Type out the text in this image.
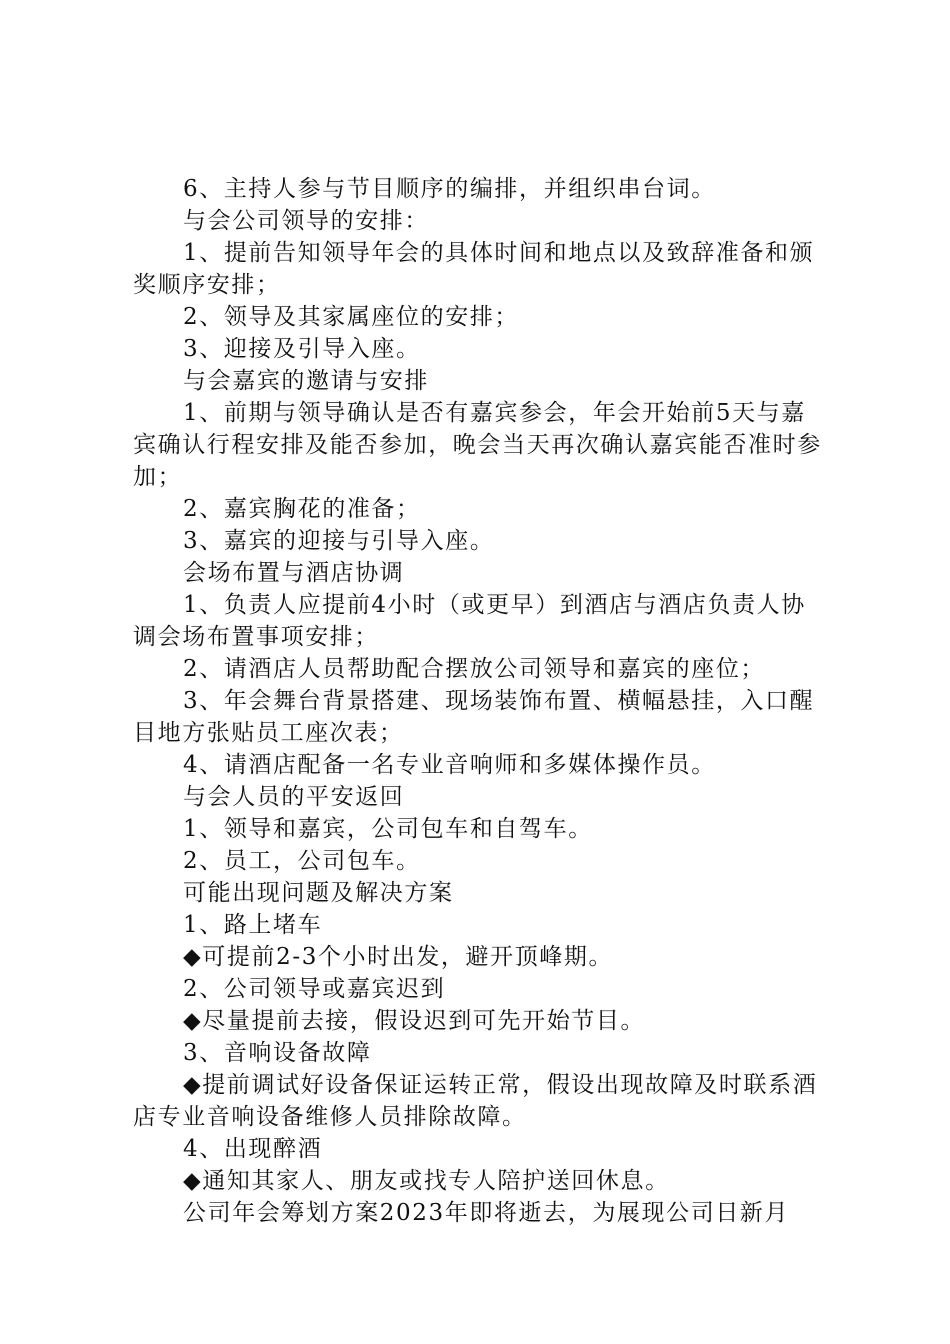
6、主持人参与节目顺序的编排，并组织串台词。

与会公司领导的安排：

1、提前告知领导年会的具体时间和地点以及致辞准备和颁奖顺序安排；

2、领导及其家属座位的安排；

3、迎接及引导入座。

与会嘉宾的邀请与安排

1、前期与领导确认是否有嘉宾参会，年会开始前5天与嘉宾确认行程安排及能否参加，晚会当天再次确认嘉宾能否准时参加；

2、嘉宾胸花的准备；

3、嘉宾的迎接与引导入座。

会场布置与酒店协调

1、负责人应提前4小时（或更早）到酒店与酒店负责人协调会场布置事项安排；

2、请酒店人员帮助配合摆放公司领导和嘉宾的座位；

3、年会舞台背景搭建、现场装饰布置、横幅悬挂，入口醒目地方张贴员工座次表；

4、请酒店配备一名专业音响师和多媒体操作员。

与会人员的平安返回

1、领导和嘉宾，公司包车和自驾车。

2、员工，公司包车。

可能出现问题及解决方案

1、路上堵车

◆可提前2-3个小时出发，避开顶峰期。

2、公司领导或嘉宾迟到

◆尽量提前去接，假设迟到可先开始节目。

3、音响设备故障

◆提前调试好设备保证运转正常，假设出现故障及时联系酒店专业音响设备维修人员排除故障。

4、出现醉酒

◆通知其家人、朋友或找专人陪护送回休息。

公司年会筹划方案2023年即将逝去，为展现公司日新月
